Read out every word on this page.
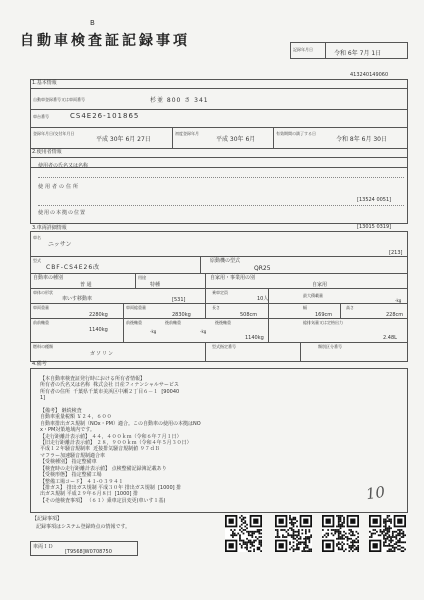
B
自動車検査証記録事項
記録年月日
令和 6年 7月 1日
413240149060
1.基本情報
自動車登録番号又は車両番号	杉並 800 さ 341
車台番号	CS4E26-101865
登録年月日/交付年月日
平成 30年 6月 27日
初度登録年月
平成 30年 6月
有効期間の満了する日
令和 8年 6月 30日
2.使用者情報
使用者の氏名又は名称
使用者の住所
[13524 0051]
使用の本拠の位置
[13015 0319]
3.車両詳細情報
車名
ニッサン
[213]
型式
CBF-CS4E26改
原動機の型式
QR25
自動車の種別
普 通
用途
特種
自家用・事業用の別
自家用
車体の形状
車いす移動車	[531]
乗車定員
10人
最大積載量
-kg
車両重量
2280kg
車両総重量
2830kg
長さ
508cm
幅
169cm
高さ
228cm
前前軸重
1140kg
前後軸重
-kg
後前軸重
-kg
後後軸重
1140kg
総排気量又は定格出力
2.48L
燃料の種類
ガソリン
型式指定番号	類別区分番号
4.備考
【本自動車検査証発行時における所有者情報】
所有者の氏名又は名称  株式会社 日産フィナンシャルサービス
所有者の住所  千葉県千葉市美浜区中瀬２丁目６－１  [90040
1]

【備考】 継続検査
自動車重量税額 ￥２４，６００
自動車排出ガス規制（NOx・PM）適合。この自動車の使用の本拠はNO
x・PM対策地域内です。
【走行距離計表示値】 ４４，４００ｋｍ（令和６年７月１日）
【旧走行距離計表示値】 ２８，９００ｋｍ（令和４年５月３０日）
平成１２年騒音規制車  近接排気騒音規制値 ９７ｄＢ
マフラー加速騒音規制適合車
【受検種別】 指定整備車
【検査時の走行距離計表示値】 点検整備記録簿記載あり
【受検形態】 指定整備工場
【整備工場コード】 ４１-０３９４１
【排ガス】 排出ガス規制 平成３０年 排出ガス規制  [1000] 排
出ガス規制 平成２９年６月８日  [1000] 排
【その他検査事項】 （６１）乗車定員変更(車いす１基)	10
【記録事項】
記録事項はシステム登録時点の情報です。
車両ＩＤ
[T9568]W0708750
